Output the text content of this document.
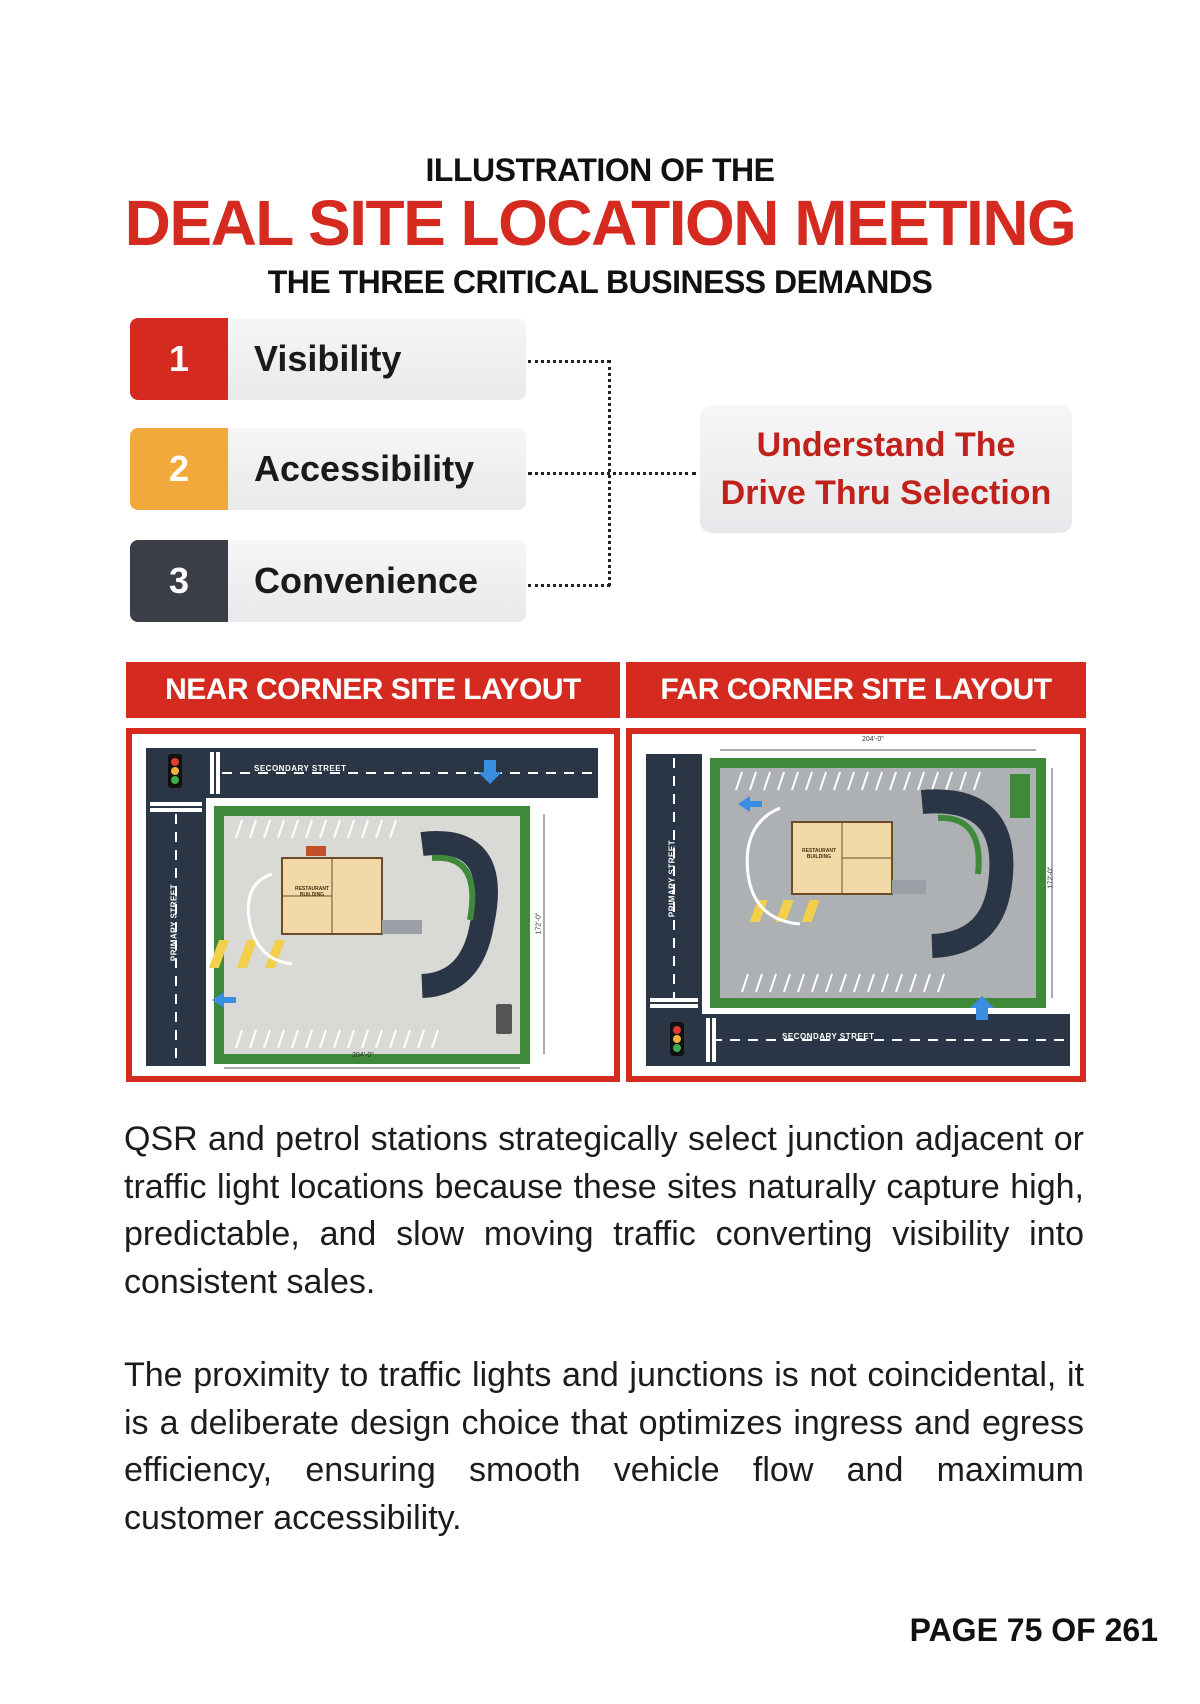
ILLUSTRATION OF THE
DEAL SITE LOCATION MEETING
THE THREE CRITICAL BUSINESS DEMANDS
1	Visibility
2	Accessibility
3	Convenience
Understand The
Drive Thru Selection
NEAR CORNER SITE LAYOUT	FAR CORNER SITE LAYOUT
SECONDARY STREET
PRIMARY STREET	RESTAURANT BUILDING
172'-0"
204'-0"
SECONDARY STREET
PRIMARY STREET	RESTAURANT BUILDING
172'-0"
204'-0"
QSR and petrol stations strategically select junction adjacent or traffic light locations because these sites naturally capture high, predictable, and slow moving traffic converting visibility into consistent sales.
The proximity to traffic lights and junctions is not coincidental, it is a deliberate design choice that optimizes ingress and egress efficiency, ensuring smooth vehicle flow and maximum customer accessibility.
PAGE 75 OF 261
